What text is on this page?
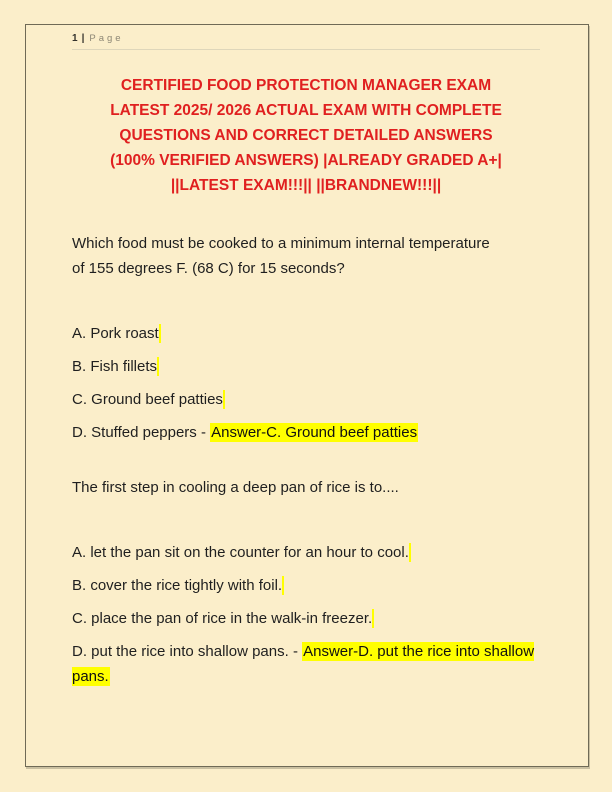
1 | Page
CERTIFIED FOOD PROTECTION MANAGER EXAM
LATEST 2025/ 2026 ACTUAL EXAM WITH COMPLETE
QUESTIONS AND CORRECT DETAILED ANSWERS
(100% VERIFIED ANSWERS) |ALREADY GRADED A+|
||LATEST EXAM!!!|| ||BRANDNEW!!!||

Which food must be cooked to a minimum internal temperature of 155 degrees F. (68 C) for 15 seconds?

A. Pork roast

B. Fish fillets

C. Ground beef patties

D. Stuffed peppers - Answer-C. Ground beef patties

The first step in cooling a deep pan of rice is to....

A. let the pan sit on the counter for an hour to cool.

B. cover the rice tightly with foil.

C. place the pan of rice in the walk-in freezer.

D. put the rice into shallow pans. - Answer-D. put the rice into shallow pans.
